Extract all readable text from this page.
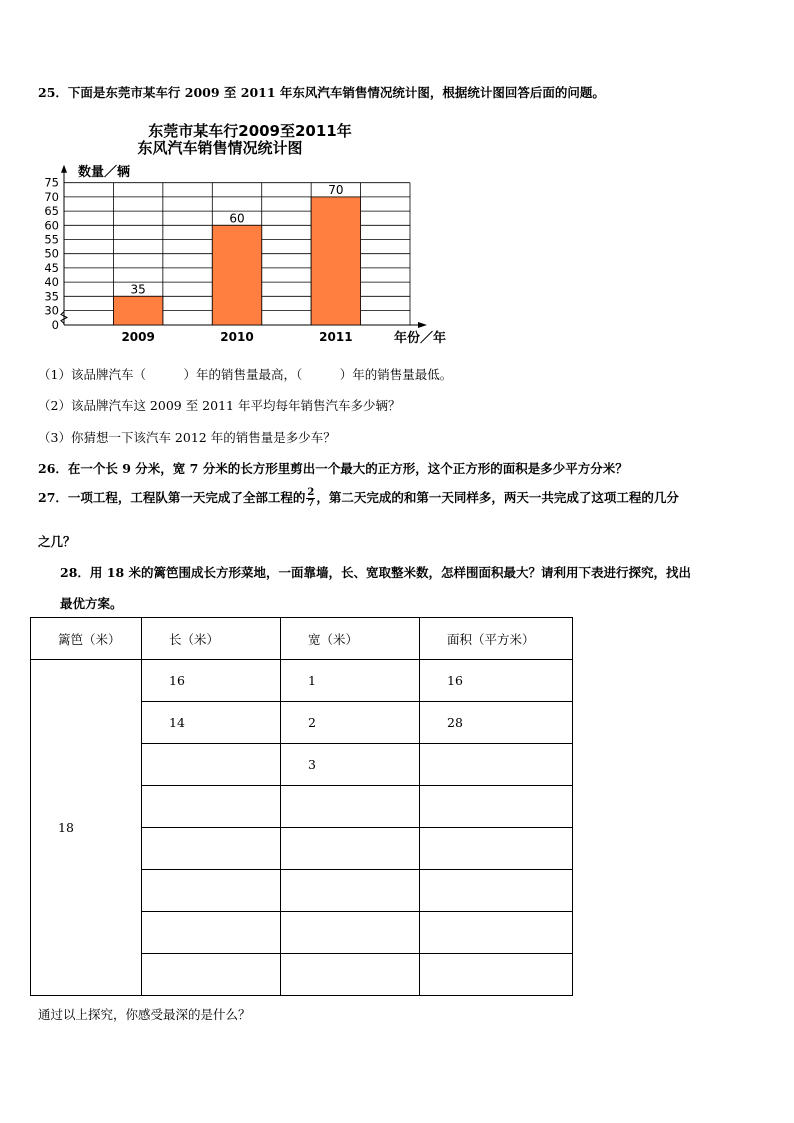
25．下面是东莞市某车行 2009 至 2011 年东风汽车销售情况统计图，根据统计图回答后面的问题。
东莞市某车行2009至2011年
东风汽车销售情况统计图
数量／辆
年份／年
0
30
35
40
45
50
55
60
65
70
75
35
2009
60
2010
70
2011
（1）该品牌汽车（　　　）年的销售量最高，（　　　）年的销售量最低。
（2）该品牌汽车这 2009 至 2011 年平均每年销售汽车多少辆？
（3）你猜想一下该汽车 2012 年的销售量是多少车？
26．在一个长 9 分米，宽 7 分米的长方形里剪出一个最大的正方形，这个正方形的面积是多少平方分米？
27．一项工程，工程队第一天完成了全部工程的 $\frac{2}{7}$ ，第二天完成的和第一天同样多，两天一共完成了这项工程的几分
之几？
28．用 18 米的篱笆围成长方形菜地，一面靠墙，长、宽取整米数，怎样围面积最大？请利用下表进行探究，找出
最优方案。
篱笆（米）	长（米）	宽（米）	面积（平方米）

18	16	1	16

	14	2	28

		3	

通过以上探究，你感受最深的是什么？
